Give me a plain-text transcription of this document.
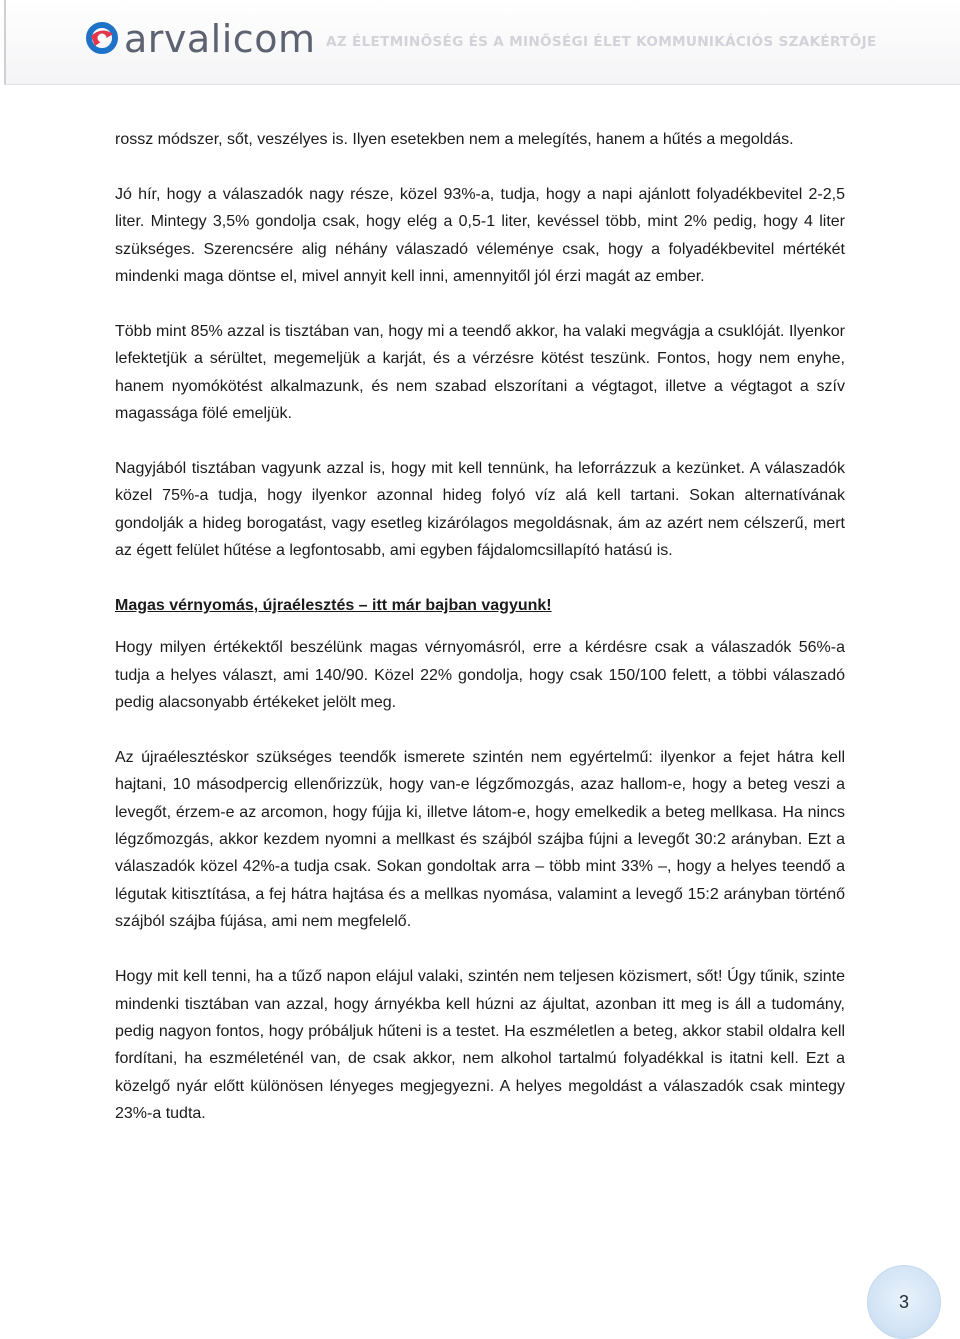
arvalicom AZ ÉLETMINŐSÉG ÉS A MINŐSÉGI ÉLET KOMMUNIKÁCIÓS SZAKÉRTŐJE

rossz módszer, sőt, veszélyes is. Ilyen esetekben nem a melegítés, hanem a hűtés a megoldás.

Jó hír, hogy a válaszadók nagy része, közel 93%-a, tudja, hogy a napi ajánlott folyadékbevitel 2-2,5 liter. Mintegy 3,5% gondolja csak, hogy elég a 0,5-1 liter, kevéssel több, mint 2% pedig, hogy 4 liter szükséges. Szerencsére alig néhány válaszadó véleménye csak, hogy a folyadékbevitel mértékét mindenki maga döntse el, mivel annyit kell inni, amennyitől jól érzi magát az ember.

Több mint 85% azzal is tisztában van, hogy mi a teendő akkor, ha valaki megvágja a csuklóját. Ilyenkor lefektetjük a sérültet, megemeljük a karját, és a vérzésre kötést teszünk. Fontos, hogy nem enyhe, hanem nyomókötést alkalmazunk, és nem szabad elszorítani a végtagot, illetve a végtagot a szív magassága fölé emeljük.

Nagyjából tisztában vagyunk azzal is, hogy mit kell tennünk, ha leforrázzuk a kezünket. A válaszadók közel 75%-a tudja, hogy ilyenkor azonnal hideg folyó víz alá kell tartani. Sokan alternatívának gondolják a hideg borogatást, vagy esetleg kizárólagos megoldásnak, ám az azért nem célszerű, mert az égett felület hűtése a legfontosabb, ami egyben fájdalomcsillapító hatású is.

Magas vérnyomás, újraélesztés – itt már bajban vagyunk!

Hogy milyen értékektől beszélünk magas vérnyomásról, erre a kérdésre csak a válaszadók 56%-a tudja a helyes választ, ami 140/90. Közel 22% gondolja, hogy csak 150/100 felett, a többi válaszadó pedig alacsonyabb értékeket jelölt meg.

Az újraélesztéskor szükséges teendők ismerete szintén nem egyértelmű: ilyenkor a fejet hátra kell hajtani, 10 másodpercig ellenőrizzük, hogy van-e légzőmozgás, azaz hallom-e, hogy a beteg veszi a levegőt, érzem-e az arcomon, hogy fújja ki, illetve látom-e, hogy emelkedik a beteg mellkasa. Ha nincs légzőmozgás, akkor kezdem nyomni a mellkast és szájból szájba fújni a levegőt 30:2 arányban. Ezt a válaszadók közel 42%-a tudja csak. Sokan gondoltak arra – több mint 33% –, hogy a helyes teendő a légutak kitisztítása, a fej hátra hajtása és a mellkas nyomása, valamint a levegő 15:2 arányban történő szájból szájba fújása, ami nem megfelelő.

Hogy mit kell tenni, ha a tűző napon elájul valaki, szintén nem teljesen közismert, sőt! Úgy tűnik, szinte mindenki tisztában van azzal, hogy árnyékba kell húzni az ájultat, azonban itt meg is áll a tudomány, pedig nagyon fontos, hogy próbáljuk hűteni is a testet. Ha eszméletlen a beteg, akkor stabil oldalra kell fordítani, ha eszméleténél van, de csak akkor, nem alkohol tartalmú folyadékkal is itatni kell. Ezt a közelgő nyár előtt különösen lényeges megjegyezni. A helyes megoldást a válaszadók csak mintegy 23%-a tudta.

3
